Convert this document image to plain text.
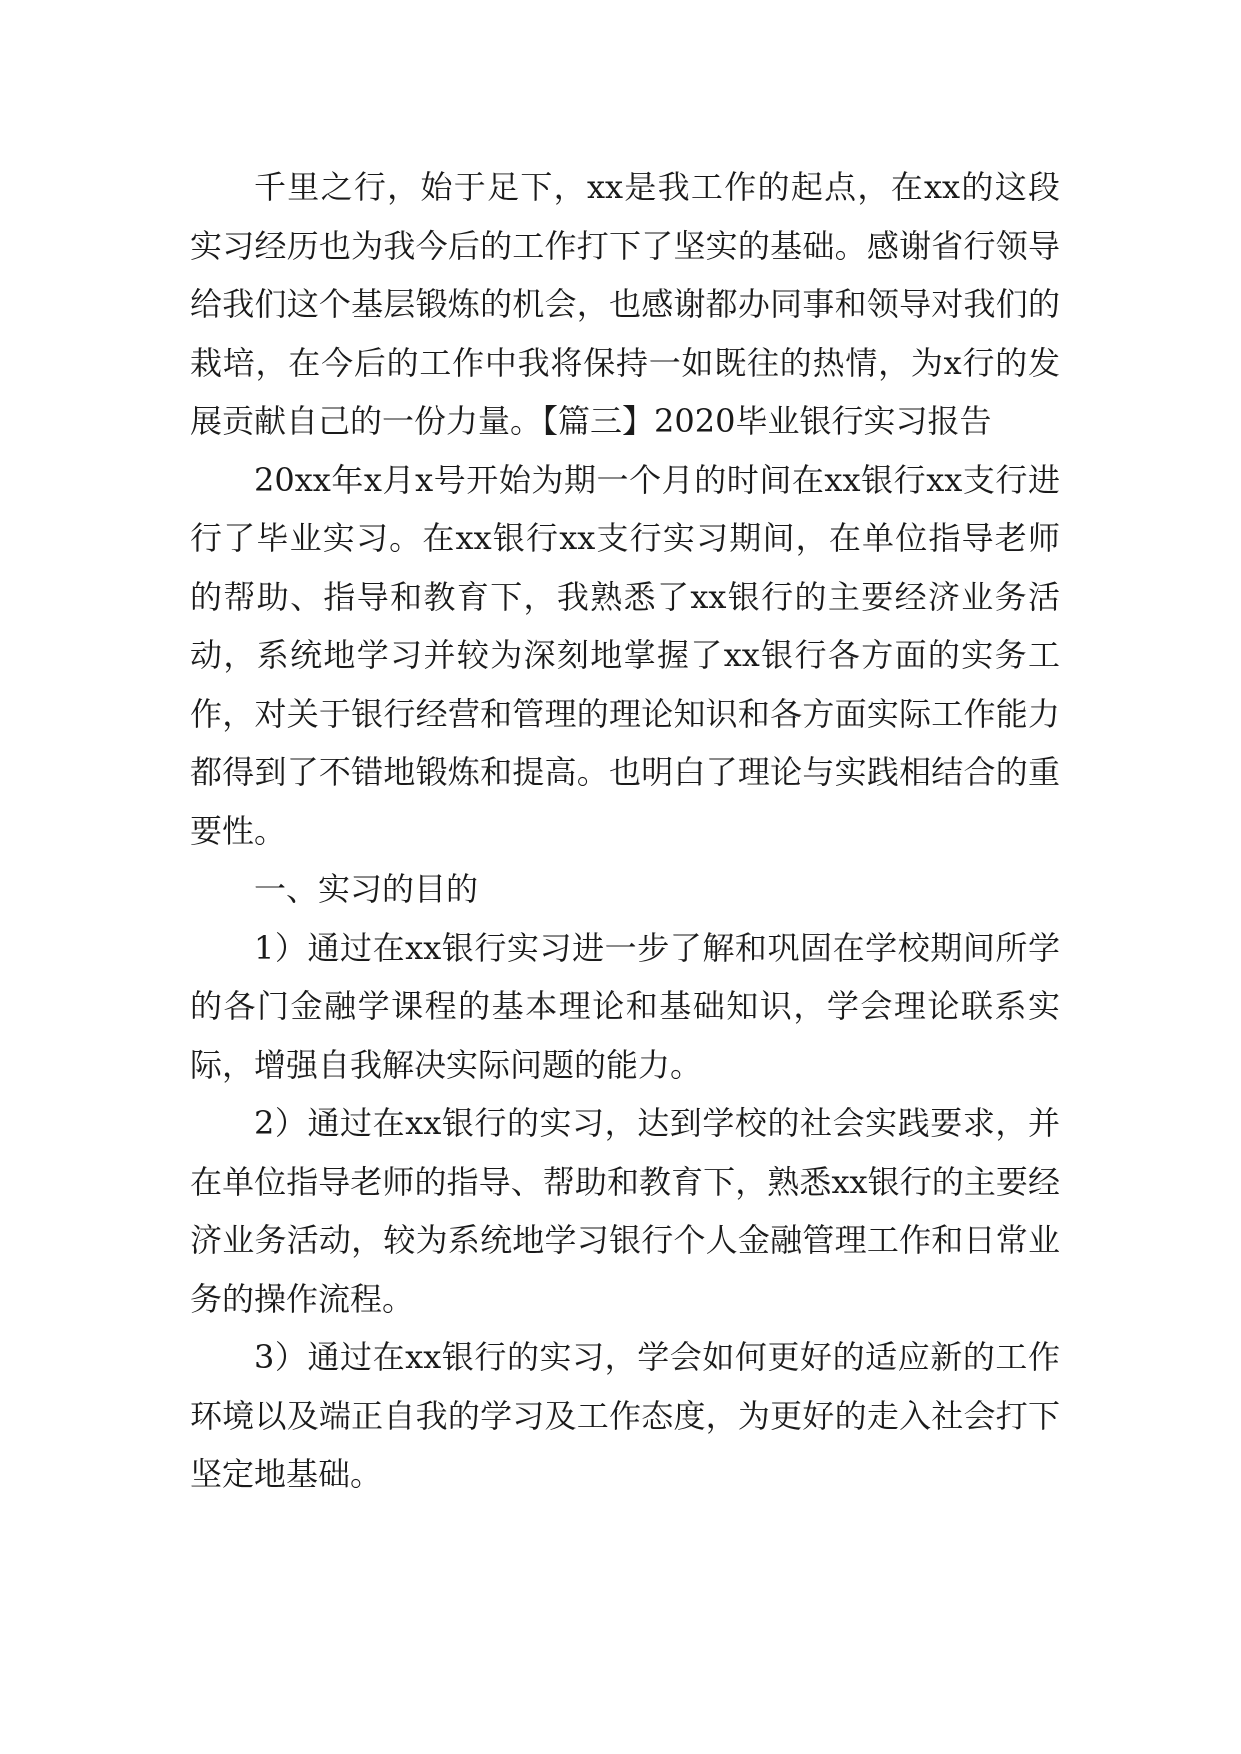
千里之行，始于足下，xx是我工作的起点，在xx的这段实习经历也为我今后的工作打下了坚实的基础。感谢省行领导给我们这个基层锻炼的机会，也感谢都办同事和领导对我们的栽培，在今后的工作中我将保持一如既往的热情，为x行的发展贡献自己的一份力量。【篇三】2020毕业银行实习报告

20xx年x月x号开始为期一个月的时间在xx银行xx支行进行了毕业实习。在xx银行xx支行实习期间，在单位指导老师的帮助、指导和教育下，我熟悉了xx银行的主要经济业务活动，系统地学习并较为深刻地掌握了xx银行各方面的实务工作，对关于银行经营和管理的理论知识和各方面实际工作能力都得到了不错地锻炼和提高。也明白了理论与实践相结合的重要性。

一、实习的目的

1）通过在xx银行实习进一步了解和巩固在学校期间所学的各门金融学课程的基本理论和基础知识，学会理论联系实际，增强自我解决实际问题的能力。

2）通过在xx银行的实习，达到学校的社会实践要求，并在单位指导老师的指导、帮助和教育下，熟悉xx银行的主要经济业务活动，较为系统地学习银行个人金融管理工作和日常业务的操作流程。

3）通过在xx银行的实习，学会如何更好的适应新的工作环境以及端正自我的学习及工作态度，为更好的走入社会打下坚定地基础。
